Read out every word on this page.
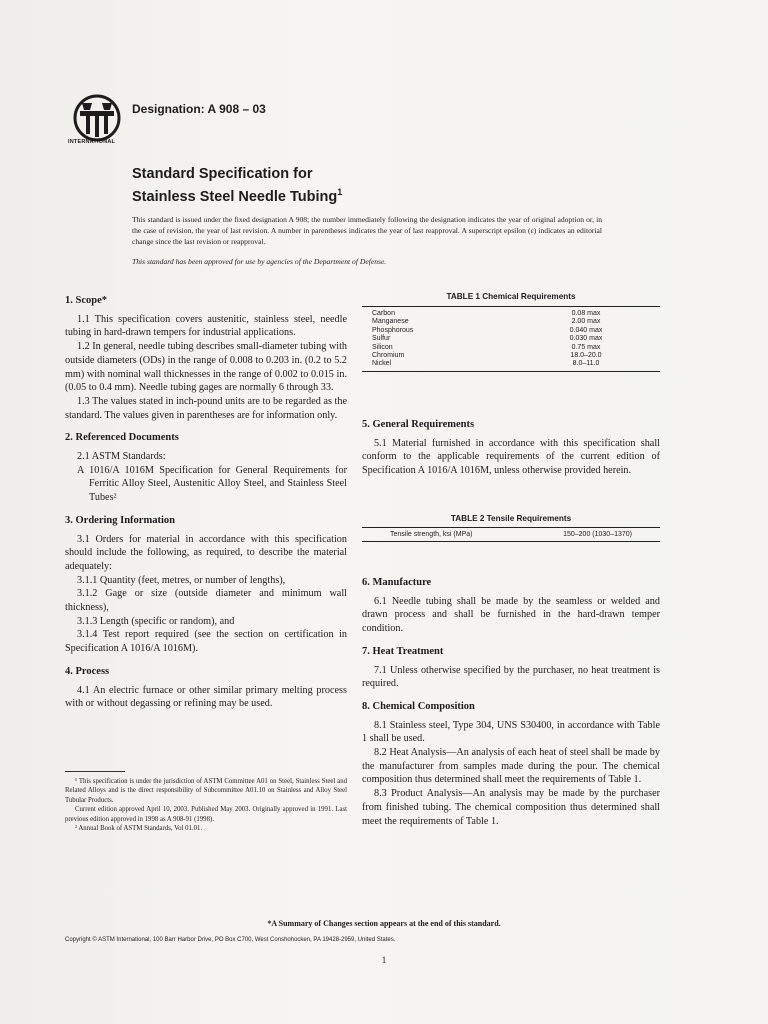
INTERNATIONAL
Designation: A 908 – 03
Standard Specification for
Stainless Steel Needle Tubing$^1$
This standard is issued under the fixed designation A 908; the number immediately following the designation indicates the year of original adoption or, in the case of revision, the year of last revision. A number in parentheses indicates the year of last reapproval. A superscript epsilon (ε) indicates an editorial change since the last revision or reapproval.
This standard has been approved for use by agencies of the Department of Defense.
1. Scope*

1.1 This specification covers austenitic, stainless steel, needle tubing in hard-drawn tempers for industrial applications.

1.2 In general, needle tubing describes small-diameter tubing with outside diameters (ODs) in the range of 0.008 to 0.203 in. (0.2 to 5.2 mm) with nominal wall thicknesses in the range of 0.002 to 0.015 in. (0.05 to 0.4 mm). Needle tubing gages are normally 6 through 33.

1.3 The values stated in inch-pound units are to be regarded as the standard. The values given in parentheses are for information only.

2. Referenced Documents

2.1 ASTM Standards:

A 1016/A 1016M Specification for General Requirements for Ferritic Alloy Steel, Austenitic Alloy Steel, and Stainless Steel Tubes²

3. Ordering Information

3.1 Orders for material in accordance with this specification should include the following, as required, to describe the material adequately:

3.1.1 Quantity (feet, metres, or number of lengths),

3.1.2 Gage or size (outside diameter and minimum wall thickness),

3.1.3 Length (specific or random), and

3.1.4 Test report required (see the section on certification in Specification A 1016/A 1016M).

4. Process

4.1 An electric furnace or other similar primary melting process with or without degassing or refining may be used.

¹ This specification is under the jurisdiction of ASTM Committee A01 on Steel, Stainless Steel and Related Alloys and is the direct responsibility of Subcommittee A01.10 on Stainless and Alloy Steel Tubular Products.

Current edition approved April 10, 2003. Published May 2003. Originally approved in 1991. Last previous edition approved in 1998 as A 908-91 (1998).

² Annual Book of ASTM Standards, Vol 01.01.

TABLE 1 Chemical Requirements
Carbon	0.08 max
Manganese	2.00 max
Phosphorous	0.040 max
Sulfur	0.030 max
Silicon	0.75 max
Chromium	18.0–20.0
Nickel	8.0–11.0
5. General Requirements

5.1 Material furnished in accordance with this specification shall conform to the applicable requirements of the current edition of Specification A 1016/A 1016M, unless otherwise provided herein.

TABLE 2 Tensile Requirements
Tensile strength, ksi (MPa)	150–200 (1030–1370)
6. Manufacture

6.1 Needle tubing shall be made by the seamless or welded and drawn process and shall be furnished in the hard-drawn temper condition.

7. Heat Treatment

7.1 Unless otherwise specified by the purchaser, no heat treatment is required.

8. Chemical Composition

8.1 Stainless steel, Type 304, UNS S30400, in accordance with Table 1 shall be used.

8.2 Heat Analysis—An analysis of each heat of steel shall be made by the manufacturer from samples made during the pour. The chemical composition thus determined shall meet the requirements of Table 1.

8.3 Product Analysis—An analysis may be made by the purchaser from finished tubing. The chemical composition thus determined shall meet the requirements of Table 1.

*A Summary of Changes section appears at the end of this standard.
Copyright © ASTM International, 100 Barr Harbor Drive, PO Box C700, West Conshohocken, PA 19428-2959, United States.
1
